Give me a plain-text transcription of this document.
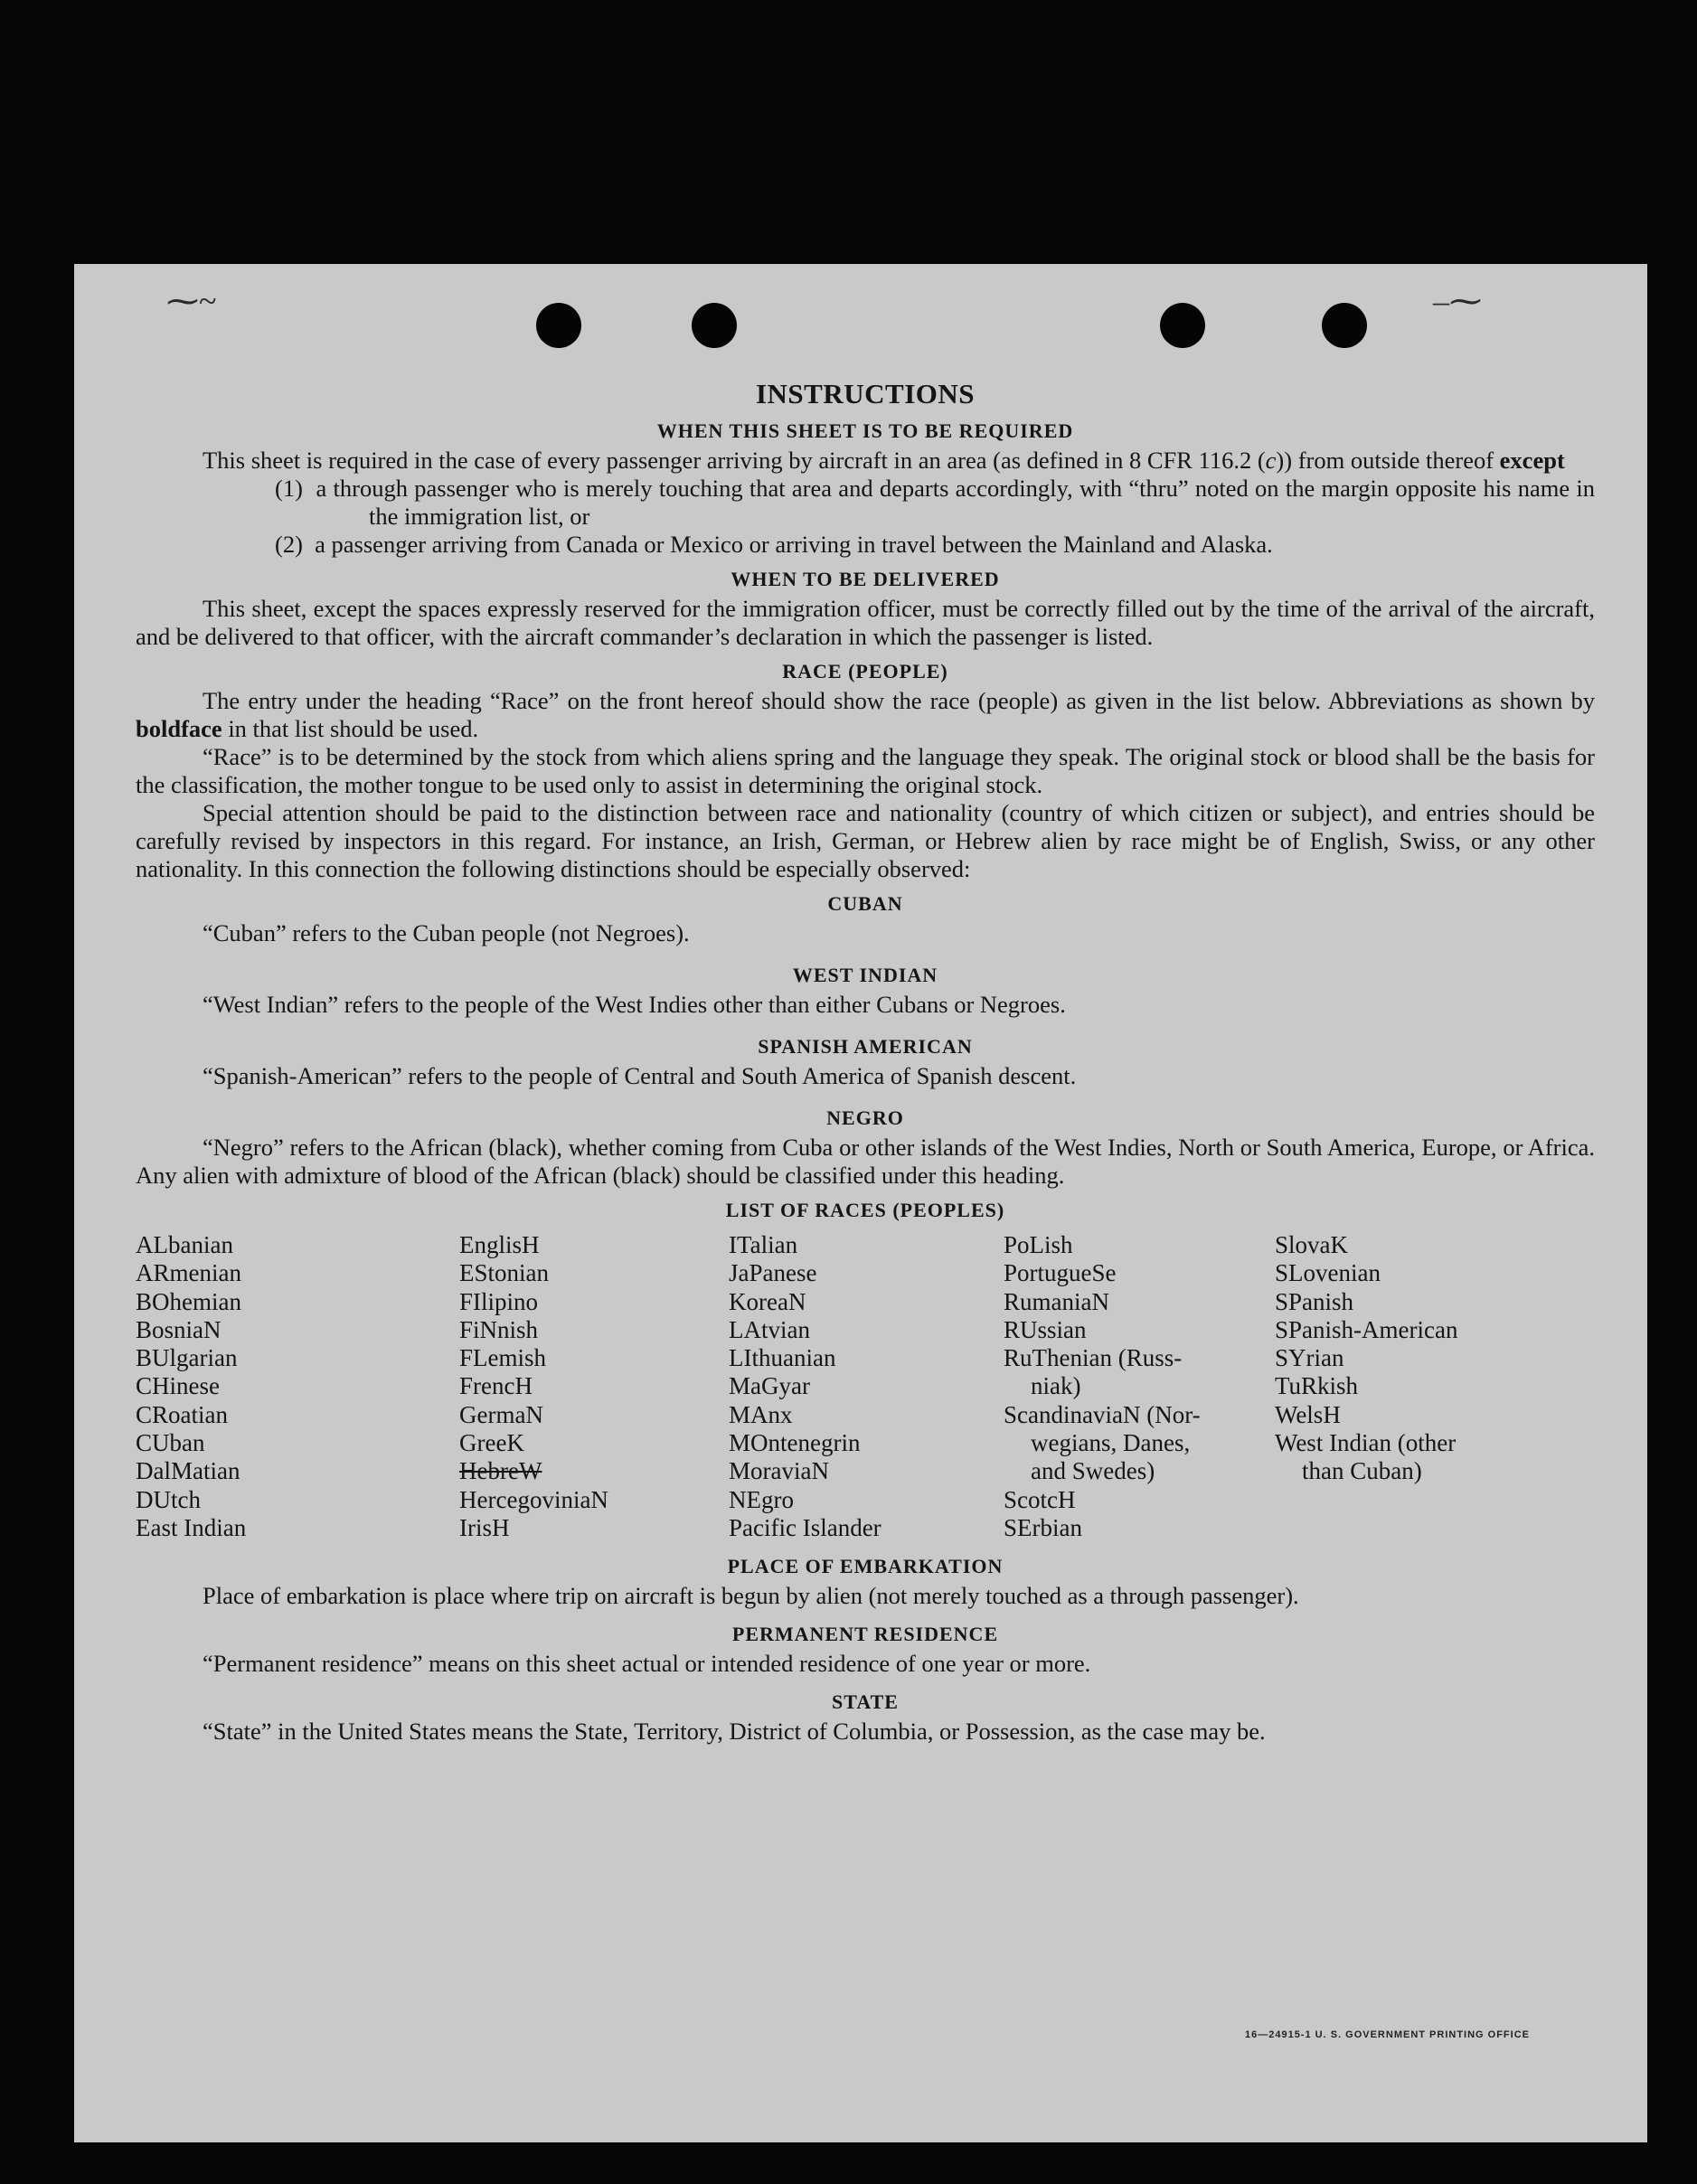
⁓~	–⁓
INSTRUCTIONS
WHEN THIS SHEET IS TO BE REQUIRED

This sheet is required in the case of every passenger arriving by aircraft in an area (as defined in 8 CFR 116.2 (c)) from outside thereof except

(1) a through passenger who is merely touching that area and departs accordingly, with “thru” noted on the margin opposite his name in the immigration list, or

(2) a passenger arriving from Canada or Mexico or arriving in travel between the Mainland and Alaska.

WHEN TO BE DELIVERED

This sheet, except the spaces expressly reserved for the immigration officer, must be correctly filled out by the time of the arrival of the aircraft, and be delivered to that officer, with the aircraft commander’s declaration in which the passenger is listed.

RACE (PEOPLE)

The entry under the heading “Race” on the front hereof should show the race (people) as given in the list below. Abbreviations as shown by boldface in that list should be used.

“Race” is to be determined by the stock from which aliens spring and the language they speak. The original stock or blood shall be the basis for the classification, the mother tongue to be used only to assist in determining the original stock.

Special attention should be paid to the distinction between race and nationality (country of which citizen or subject), and entries should be carefully revised by inspectors in this regard. For instance, an Irish, German, or Hebrew alien by race might be of English, Swiss, or any other nationality. In this connection the following distinctions should be especially observed:

CUBAN

“Cuban” refers to the Cuban people (not Negroes).

WEST INDIAN

“West Indian” refers to the people of the West Indies other than either Cubans or Negroes.

SPANISH AMERICAN

“Spanish-American” refers to the people of Central and South America of Spanish descent.

NEGRO

“Negro” refers to the African (black), whether coming from Cuba or other islands of the West Indies, North or South America, Europe, or Africa. Any alien with admixture of blood of the African (black) should be classified under this heading.

LIST OF RACES (PEOPLES)
ALbanian
ARmenian
BOhemian
BosniaN
BUlgarian
CHinese
CRoatian
CUban
DalMatian
DUtch
East Indian
EnglisH
EStonian
FIlipino
FiNnish
FLemish
FrencH
GermaN
GreeK
HebreW
HercegoviniaN
IrisH
ITalian
JaPanese
KoreaN
LAtvian
LIthuanian
MaGyar
MAnx
MOntenegrin
MoraviaN
NEgro
Pacific Islander
PoLish
PortugueSe
RumaniaN
RUssian
RuThenian (Russ-
niak)
ScandinaviaN (Nor-
wegians, Danes,
and Swedes)
ScotcH
SErbian
SlovaK
SLovenian
SPanish
SPanish-American
SYrian
TuRkish
WelsH
West Indian (other
than Cuban)
PLACE OF EMBARKATION

Place of embarkation is place where trip on aircraft is begun by alien (not merely touched as a through passenger).

PERMANENT RESIDENCE

“Permanent residence” means on this sheet actual or intended residence of one year or more.

STATE

“State” in the United States means the State, Territory, District of Columbia, or Possession, as the case may be.

16—24915-1 U. S. GOVERNMENT PRINTING OFFICE
